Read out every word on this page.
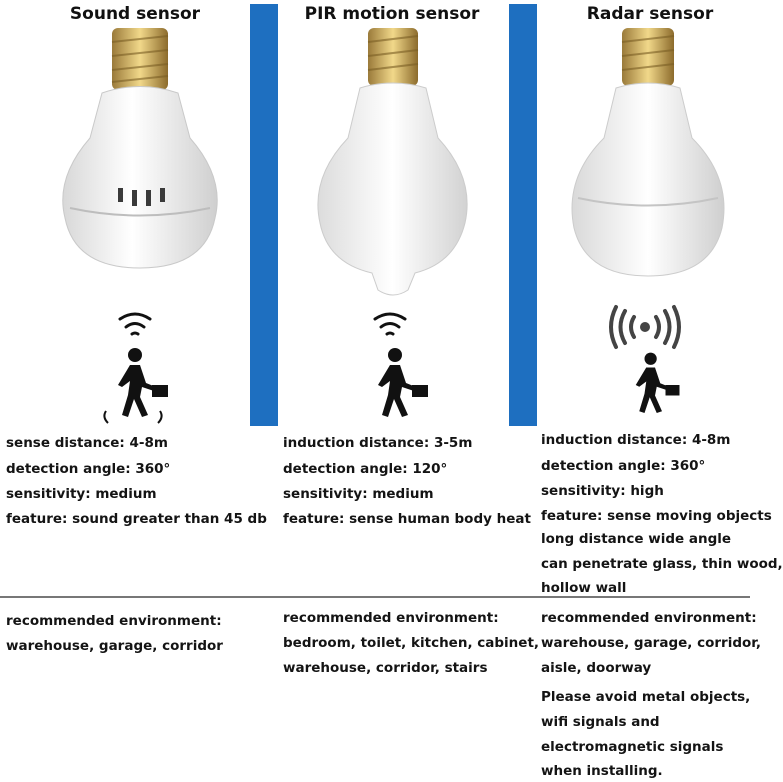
Sound sensor	PIR motion sensor	Radar sensor
sense distance: 4-8m
detection angle: 360°
sensitivity: medium
feature: sound greater than 45 db
induction distance: 3-5m
detection angle: 120°
sensitivity: medium
feature: sense human body heat
induction distance: 4-8m
detection angle: 360°
sensitivity: high
feature: sense moving objects
long distance wide angle
can penetrate glass, thin wood,
hollow wall
recommended environment:
warehouse, garage, corridor
recommended environment:
bedroom, toilet, kitchen, cabinet,
warehouse, corridor, stairs
recommended environment:
warehouse, garage, corridor,
aisle, doorway
Please avoid metal objects,
wifi signals and
electromagnetic signals
when installing.
